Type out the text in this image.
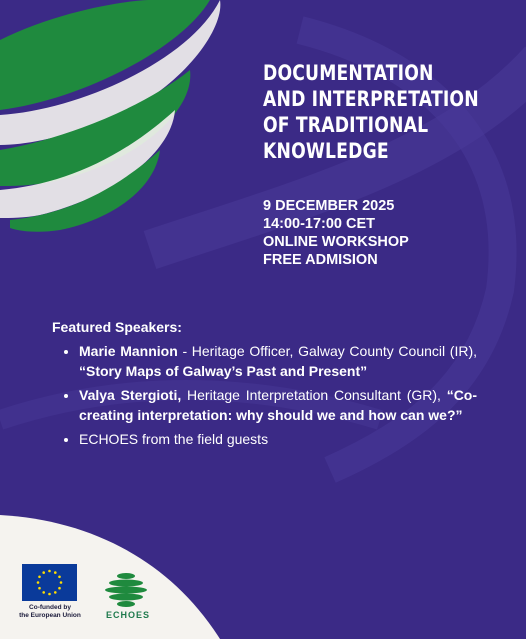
DOCUMENTATION
AND INTERPRETATION
OF TRADITIONAL
KNOWLEDGE
9 DECEMBER 2025
14:00-17:00 CET
ONLINE WORKSHOP
FREE ADMISION
Featured Speakers:
• Marie Mannion - Heritage Officer, Galway County Council (IR), “Story Maps of Galway’s Past and Present”
• Valya Stergioti, Heritage Interpretation Consultant (GR), “Co-creating interpretation: why should we and how can we?”
• ECHOES from the field guests
Co-funded by
the European Union	ECHOES
